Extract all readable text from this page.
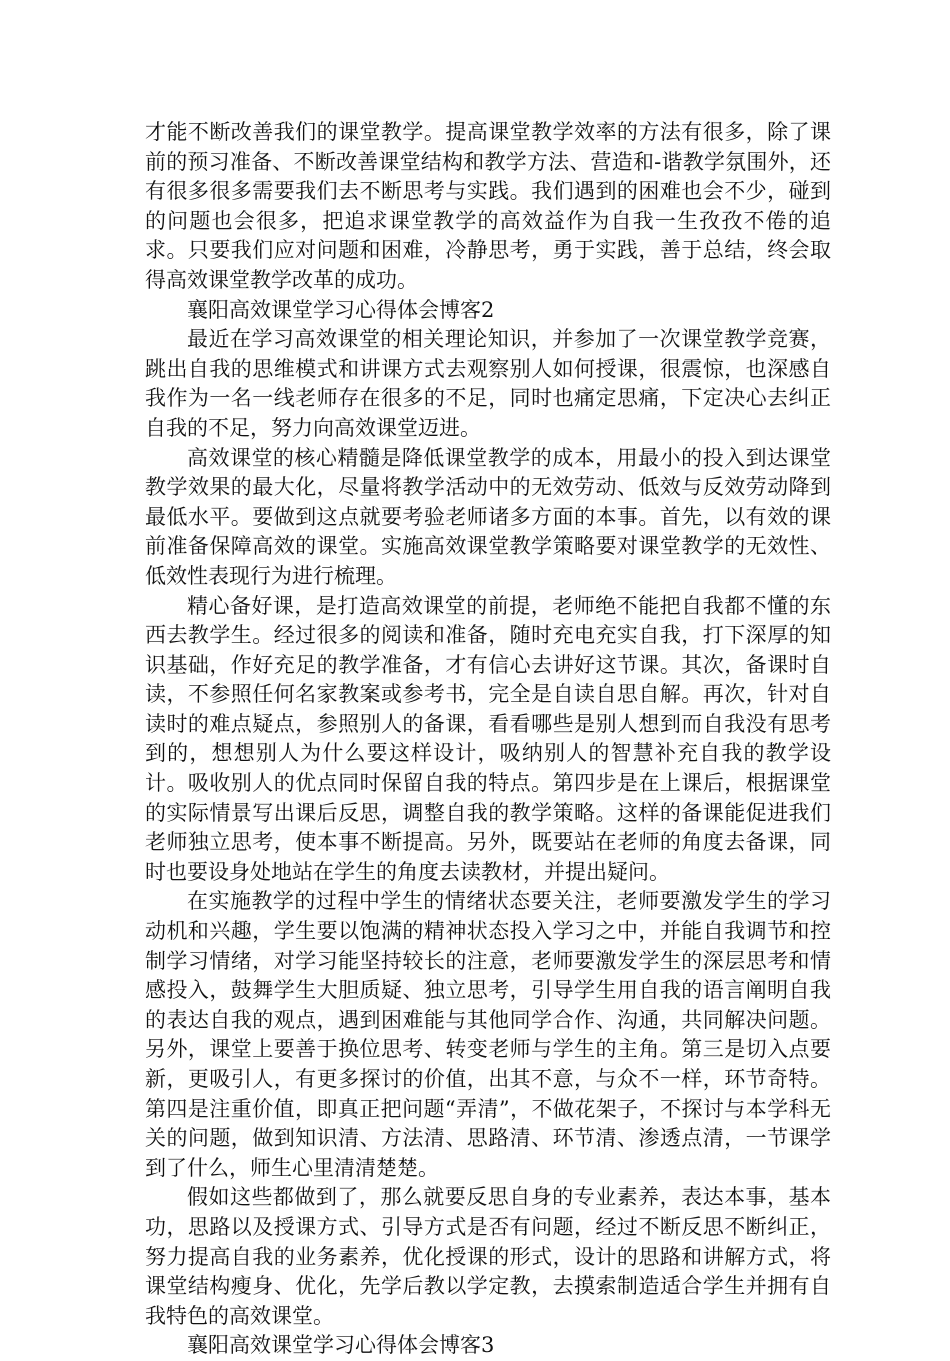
才能不断改善我们的课堂教学。提高课堂教学效率的方法有很多，除了课前的预习准备、不断改善课堂结构和教学方法、营造和-谐教学氛围外，还有很多很多需要我们去不断思考与实践。我们遇到的困难也会不少，碰到的问题也会很多，把追求课堂教学的高效益作为自我一生孜孜不倦的追求。只要我们应对问题和困难，冷静思考，勇于实践，善于总结，终会取得高效课堂教学改革的成功。

襄阳高效课堂学习心得体会博客2

最近在学习高效课堂的相关理论知识，并参加了一次课堂教学竞赛，跳出自我的思维模式和讲课方式去观察别人如何授课，很震惊，也深感自我作为一名一线老师存在很多的不足，同时也痛定思痛，下定决心去纠正自我的不足，努力向高效课堂迈进。

高效课堂的核心精髓是降低课堂教学的成本，用最小的投入到达课堂教学效果的最大化，尽量将教学活动中的无效劳动、低效与反效劳动降到最低水平。要做到这点就要考验老师诸多方面的本事。首先，以有效的课前准备保障高效的课堂。实施高效课堂教学策略要对课堂教学的无效性、低效性表现行为进行梳理。

精心备好课，是打造高效课堂的前提，老师绝不能把自我都不懂的东西去教学生。经过很多的阅读和准备，随时充电充实自我，打下深厚的知识基础，作好充足的教学准备，才有信心去讲好这节课。其次，备课时自读，不参照任何名家教案或参考书，完全是自读自思自解。再次，针对自读时的难点疑点，参照别人的备课，看看哪些是别人想到而自我没有思考到的，想想别人为什么要这样设计，吸纳别人的智慧补充自我的教学设计。吸收别人的优点同时保留自我的特点。第四步是在上课后，根据课堂的实际情景写出课后反思，调整自我的教学策略。这样的备课能促进我们老师独立思考，使本事不断提高。另外，既要站在老师的角度去备课，同时也要设身处地站在学生的角度去读教材，并提出疑问。

在实施教学的过程中学生的情绪状态要关注，老师要激发学生的学习动机和兴趣，学生要以饱满的精神状态投入学习之中，并能自我调节和控制学习情绪，对学习能坚持较长的注意，老师要激发学生的深层思考和情感投入，鼓舞学生大胆质疑、独立思考，引导学生用自我的语言阐明自我的表达自我的观点，遇到困难能与其他同学合作、沟通，共同解决问题。另外，课堂上要善于换位思考、转变老师与学生的主角。第三是切入点要新，更吸引人，有更多探讨的价值，出其不意，与众不一样，环节奇特。第四是注重价值，即真正把问题“弄清”，不做花架子，不探讨与本学科无关的问题，做到知识清、方法清、思路清、环节清、渗透点清，一节课学到了什么，师生心里清清楚楚。

假如这些都做到了，那么就要反思自身的专业素养，表达本事，基本功，思路以及授课方式、引导方式是否有问题，经过不断反思不断纠正，努力提高自我的业务素养，优化授课的形式，设计的思路和讲解方式，将课堂结构瘦身、优化，先学后教以学定教，去摸索制造适合学生并拥有自我特色的高效课堂。

襄阳高效课堂学习心得体会博客3
